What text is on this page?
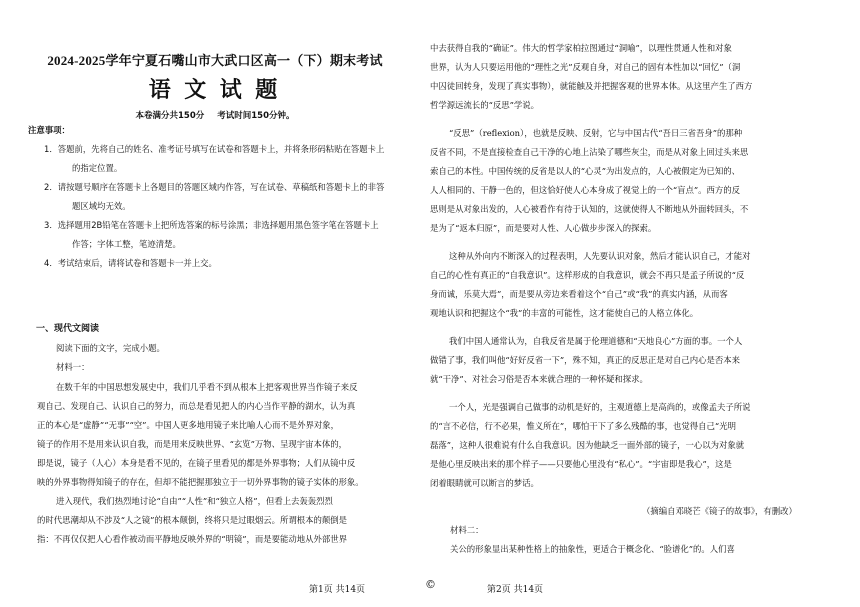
2024-2025学年宁夏石嘴山市大武口区高一（下）期末考试
语 文 试 题
本卷满分共150分 考试时间150分钟。
注意事项：
1．答题前，先将自己的姓名、准考证号填写在试卷和答题卡上，并将条形码粘贴在答题卡上
的指定位置。
2．请按题号顺序在答题卡上各题目的答题区域内作答，写在试卷、草稿纸和答题卡上的非答
题区域均无效。
3．选择题用2B铅笔在答题卡上把所选答案的标号涂黑；非选择题用黑色签字笔在答题卡上
作答；字体工整，笔迹清楚。
4．考试结束后，请将试卷和答题卡一并上交。
一、现代文阅读
阅读下面的文字，完成小题。
材料一：
在数千年的中国思想发展史中，我们几乎看不到从根本上把客观世界当作镜子来反
观自己、发现自己、认识自己的努力，而总是看见把人的内心当作平静的湖水，认为真
正的本心是“虚静”“无事”“空”。中国人更多地用镜子来比喻人心而不是外界对象，
镜子的作用不是用来认识自我，而是用来反映世界、“玄览”万物、呈现宇宙本体的，
即是说，镜子（人心）本身是看不见的，在镜子里看见的都是外界事物；人们从镜中反
映的外界事物得知镜子的存在，但却不能把握那独立于一切外界事物的镜子实体的形象。
进入现代，我们热烈地讨论“自由”“人性”和“独立人格”，但看上去轰轰烈烈
的时代思潮却从不涉及“人之镜”的根本颠倒，终将只是过眼烟云。所谓根本的颠倒是
指：不再仅仅把人心看作被动而平静地反映外界的“明镜”，而是要能动地从外部世界
中去获得自我的“确证”。伟大的哲学家柏拉图通过“洞喻”，以理性贯通人性和对象
世界，认为人只要运用他的“理性之光”反观自身，对自己的固有本性加以“回忆”（洞
中囚徒回转身，发现了真实事物），就能触及并把握客观的世界本体。从这里产生了西方
哲学源远流长的“反思”学说。
“反思”（reflexion），也就是反映、反射，它与中国古代“吾日三省吾身”的那种
反省不同，不是直接检查自己干净的心地上沾染了哪些灰尘，而是从对象上回过头来思
索自己的本性。中国传统的反省是以人的“心灵”为出发点的，人心被假定为已知的、
人人相同的、干静一色的，但这恰好使人心本身成了视觉上的一个“盲点”。西方的反
思则是从对象出发的，人心被看作有待于认知的，这就使得人不断地从外面转回头，不
是为了“返本归原”，而是要对人性、人心做步步深入的探索。
这种从外向内不断深入的过程表明，人先要认识对象，然后才能认识自己，才能对
自己的心性有真正的“自我意识”。这样形成的自我意识，就会不再只是孟子所说的“反
身而诚，乐莫大焉”，而是要从旁边来看着这个“自己”或“我”的真实内涵，从而客
观地认识和把握这个“我”的丰富的可能性，这才能使自己的人格立体化。
我们中国人通常认为，自我反省是属于伦理道德和“天地良心”方面的事。一个人
做错了事，我们叫他“好好反省一下”，殊不知，真正的反思正是对自己内心是否本来
就“干净”、对社会习俗是否本来就合理的一种怀疑和探求。
一个人，光是强调自己做事的动机是好的，主观道德上是高尚的，或像孟夫子所说
的“言不必信，行不必果，惟义所在”，哪怕干下了多么残酷的事，也觉得自己“光明
磊落”，这种人很难说有什么自我意识。因为他缺乏一面外部的镜子，一心以为对象就
是他心里反映出来的那个样子——只要他心里没有“私心”。“宇宙即是我心”，这是
闭着眼睛就可以断言的梦话。
（摘编自邓晓芒《镜子的故事》，有删改）
材料二：
关公的形象显出某种性格上的抽象性，更适合于概念化、“脸谱化”的。人们喜
第1页 共14页	©	第2页 共14页
